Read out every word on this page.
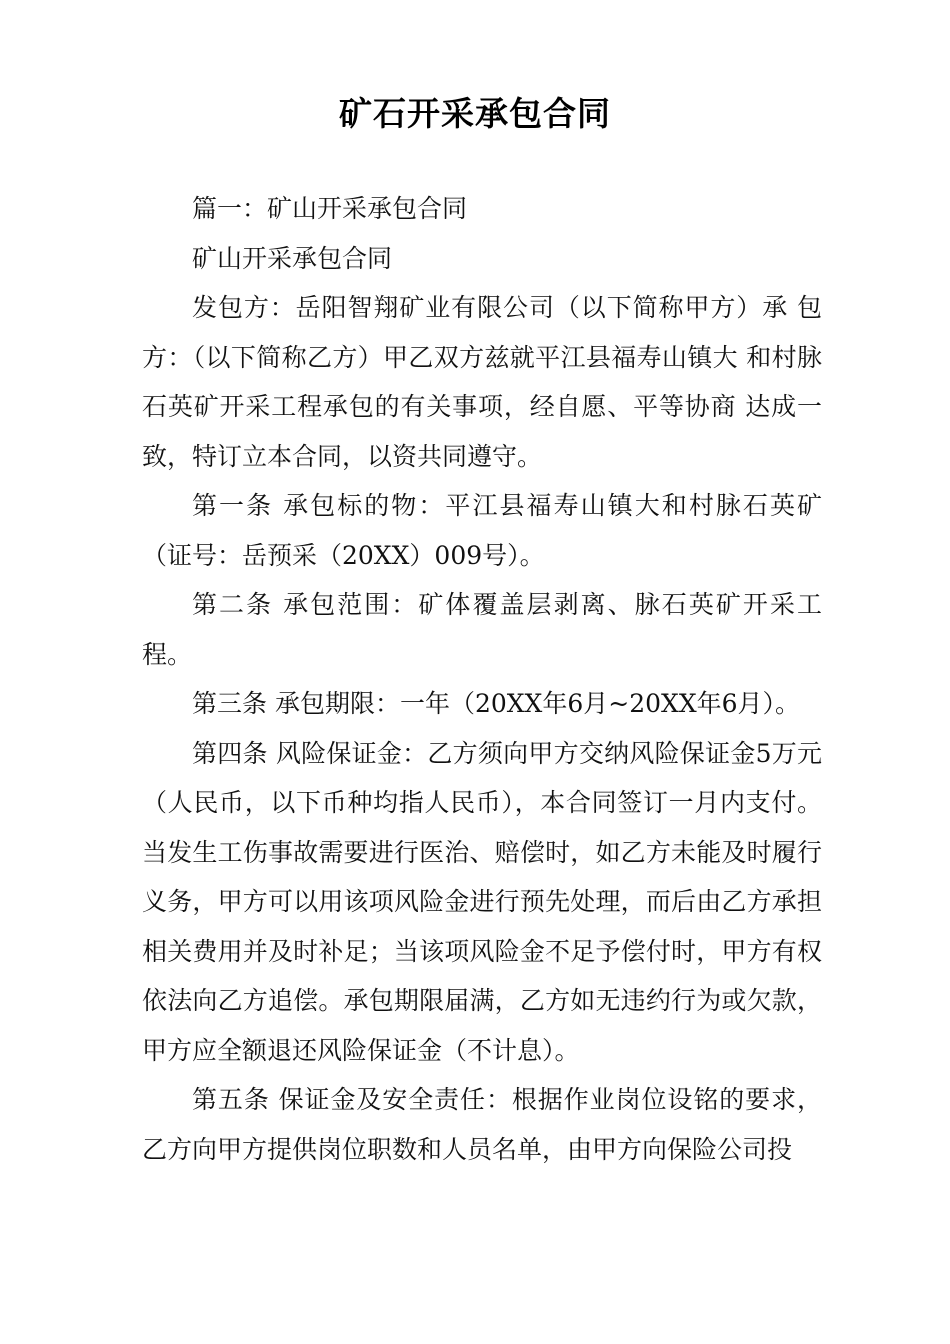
矿石开采承包合同

篇一：矿山开采承包合同

矿山开采承包合同

发包方：岳阳智翔矿业有限公司（以下简称甲方）承 包方：（以下简称乙方）甲乙双方兹就平江县福寿山镇大 和村脉石英矿开采工程承包的有关事项，经自愿、平等协商 达成一致，特订立本合同，以资共同遵守。

第一条 承包标的物：平江县福寿山镇大和村脉石英矿（证号：岳预采（20XX）009号）。

第二条 承包范围：矿体覆盖层剥离、脉石英矿开采工程。

第三条 承包期限：一年（20XX年6月~20XX年6月）。

第四条 风险保证金：乙方须向甲方交纳风险保证金5万元（人民币，以下币种均指人民币），本合同签订一月内支付。当发生工伤事故需要进行医治、赔偿时，如乙方未能及时履行义务，甲方可以用该项风险金进行预先处理，而后由乙方承担相关费用并及时补足；当该项风险金不足予偿付时，甲方有权依法向乙方追偿。承包期限届满，乙方如无违约行为或欠款，甲方应全额退还风险保证金（不计息）。

第五条 保证金及安全责任：根据作业岗位设铭的要求，乙方向甲方提供岗位职数和人员名单，由甲方向保险公司投
